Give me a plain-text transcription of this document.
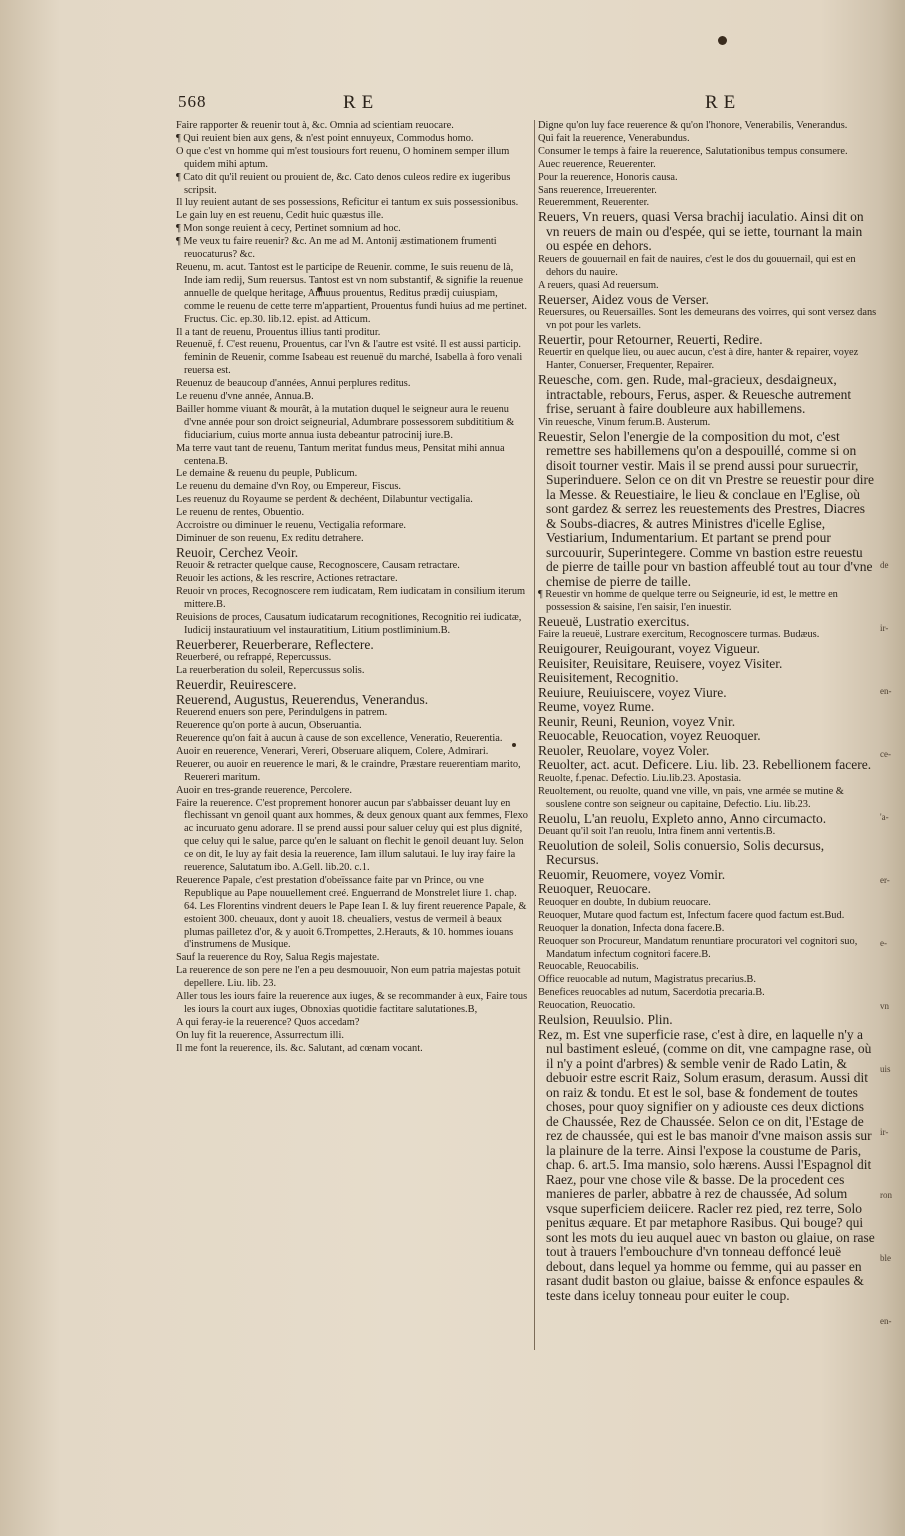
568	RE	RE

Faire rapporter & reuenir tout à, &c. Omnia ad scientiam reuocare.

¶ Qui reuient bien aux gens, & n'est point ennuyeux, Commodus homo.

O que c'est vn homme qui m'est tousiours fort reuenu, O hominem semper illum quidem mihi aptum.

¶ Cato dit qu'il reuient ou prouient de, &c. Cato denos culeos redire ex iugeribus scripsit.

Il luy reuient autant de ses possessions, Reficitur ei tantum ex suis possessionibus.

Le gain luy en est reuenu, Cedit huic quæstus ille.

¶ Mon songe reuient à cecy, Pertinet somnium ad hoc.

¶ Me veux tu faire reuenir? &c. An me ad M. Antonij æstimationem frumenti reuocaturus? &c.

Reuenu, m. acut. Tantost est le participe de Reuenir. comme, Ie suis reuenu de là, Inde iam redij, Sum reuersus. Tantost est vn nom substantif, & signifie la reuenue annuelle de quelque heritage, Annuus prouentus, Reditus prædij cuiuspiam, comme le reuenu de cette terre m'appartient, Prouentus fundi huius ad me pertinet. Fructus. Cic. ep.30. lib.12. epist. ad Atticum.

Il a tant de reuenu, Prouentus illius tanti proditur.

Reuenuë, f. C'est reuenu, Prouentus, car l'vn & l'autre est vsité. Il est aussi particip. feminin de Reuenir, comme Isabeau est reuenuë du marché, Isabella à foro venali reuersa est.

Reuenuz de beaucoup d'années, Annui perplures reditus.

Le reuenu d'vne année, Annua.B.

Bailler homme viuant & mourât, à la mutation duquel le seigneur aura le reuenu d'vne année pour son droict seigneurial, Adumbrare possessorem subdititium & fiduciarium, cuius morte annua iusta debeantur patrocinij iure.B.

Ma terre vaut tant de reuenu, Tantum meritat fundus meus, Pensitat mihi annua centena.B.

Le demaine & reuenu du peuple, Publicum.

Le reuenu du demaine d'vn Roy, ou Empereur, Fiscus.

Les reuenuz du Royaume se perdent & dechéent, Dilabuntur vectigalia.

Le reuenu de rentes, Obuentio.

Accroistre ou diminuer le reuenu, Vectigalia reformare.

Diminuer de son reuenu, Ex reditu detrahere.

Reuoir, Cerchez Veoir.

Reuoir & retracter quelque cause, Recognoscere, Causam retractare.

Reuoir les actions, & les rescrire, Actiones retractare.

Reuoir vn proces, Recognoscere rem iudicatam, Rem iudicatam in consilium iterum mittere.B.

Reuisions de proces, Causatum iudicatarum recognitiones, Recognitio rei iudicatæ, Iudicij instauratiuum vel instauratitium, Litium postliminium.B.

Reuerberer, Reuerberare, Reflectere.

Reuerberé, ou refrappé, Repercussus.

La reuerberation du soleil, Repercussus solis.

Reuerdir, Reuirescere.

Reuerend, Augustus, Reuerendus, Venerandus.

Reuerend enuers son pere, Perindulgens in patrem.

Reuerence qu'on porte à aucun, Obseruantia.

Reuerence qu'on fait à aucun à cause de son excellence, Veneratio, Reuerentia.

Auoir en reuerence, Venerari, Vereri, Obseruare aliquem, Colere, Admirari.

Reuerer, ou auoir en reuerence le mari, & le craindre, Præstare reuerentiam marito, Reuereri maritum.

Auoir en tres-grande reuerence, Percolere.

Faire la reuerence. C'est proprement honorer aucun par s'abbaisser deuant luy en flechissant vn genoil quant aux hommes, & deux genoux quant aux femmes, Flexo ac incuruato genu adorare. Il se prend aussi pour saluer celuy qui est plus dignité, que celuy qui le salue, parce qu'en le saluant on flechit le genoil deuant luy. Selon ce on dit, Ie luy ay fait desia la reuerence, Iam illum salutaui. Ie luy iray faire la reuerence, Salutatum ibo. A.Gell. lib.20. c.1.

Reuerence Papale, c'est prestation d'obeïssance faite par vn Prince, ou vne Republique au Pape nouuellement creé. Enguerrand de Monstrelet liure 1. chap. 64. Les Florentins vindrent deuers le Pape Iean I. & luy firent reuerence Papale, & estoient 300. cheuaux, dont y auoit 18. cheualiers, vestus de vermeil à beaux plumas pailletez d'or, & y auoit 6.Trompettes, 2.Herauts, & 10. hommes iouans d'instrumens de Musique.

Sauf la reuerence du Roy, Salua Regis majestate.

La reuerence de son pere ne l'en a peu desmouuoir, Non eum patria majestas potuit depellere. Liu. lib. 23.

Aller tous les iours faire la reuerence aux iuges, & se recommander à eux, Faire tous les iours la court aux iuges, Obnoxias quotidie factitare salutationes.B,

A qui feray-ie la reuerence? Quos accedam?

On luy fit la reuerence, Assurrectum illi.

Il me font la reuerence, ils. &c. Salutant, ad cœnam vocant.

Digne qu'on luy face reuerence & qu'on l'honore, Venerabilis, Venerandus.

Qui fait la reuerence, Venerabundus.

Consumer le temps à faire la reuerence, Salutationibus tempus consumere.

Auec reuerence, Reuerenter.

Pour la reuerence, Honoris causa.

Sans reuerence, Irreuerenter.

Reueremment, Reuerenter.

Reuers, Vn reuers, quasi Versa brachij iaculatio. Ainsi dit on vn reuers de main ou d'espée, qui se iette, tournant la main ou espée en dehors.

Reuers de gouuernail en fait de nauires, c'est le dos du gouuernail, qui est en dehors du nauire.

A reuers, quasi Ad reuersum.

Reuerser, Aidez vous de Verser.

Reuersures, ou Reuersailles. Sont les demeurans des voirres, qui sont versez dans vn pot pour les varlets.

Reuertir, pour Retourner, Reuerti, Redire.

Reuertir en quelque lieu, ou auec aucun, c'est à dire, hanter & repairer, voyez Hanter, Conuerser, Frequenter, Repairer.

Reuesche, com. gen. Rude, mal-gracieux, desdaigneux, intractable, rebours, Ferus, asper. & Reuesche autrement frise, seruant à faire doubleure aux habillemens.

Vin reuesche, Vinum ferum.B. Austerum.

Reuestir, Selon l'energie de la composition du mot, c'est remettre ses habillemens qu'on a despouillé, comme si on disoit tourner vestir. Mais il se prend aussi pour surueстir, Superinduere. Selon ce on dit vn Prestre se reuestir pour dire la Messe. & Reuestiaire, le lieu & conclaue en l'Eglise, où sont gardez & serrez les reuestements des Prestres, Diacres & Soubs-diacres, & autres Ministres d'icelle Eglise, Vestiarium, Indumentarium. Et partant se prend pour surcouurir, Superintegere. Comme vn bastion estre reuestu de pierre de taille pour vn bastion affeublé tout au tour d'vne chemise de pierre de taille.

¶ Reuestir vn homme de quelque terre ou Seigneurie, id est, le mettre en possession & saisine, l'en saisir, l'en inuestir.

Reueuë, Lustratio exercitus.

Faire la reueuë, Lustrare exercitum, Recognoscere turmas. Budæus.

Reuigourer, Reuigourant, voyez Vigueur.

Reuisiter, Reuisitare, Reuisere, voyez Visiter.

Reuisitement, Recognitio.

Reuiure, Reuiuiscere, voyez Viure.

Reume, voyez Rume.

Reunir, Reuni, Reunion, voyez Vnir.

Reuocable, Reuocation, voyez Reuoquer.

Reuoler, Reuolare, voyez Voler.

Reuolter, act. acut. Deficere. Liu. lib. 23. Rebellionem facere.

Reuolte, f.penac. Defectio. Liu.lib.23. Apostasia.

Reuoltement, ou reuolte, quand vne ville, vn pais, vne armée se mutine & souslene contre son seigneur ou capitaine, Defectio. Liu. lib.23.

Reuolu, L'an reuolu, Expleto anno, Anno circumacto.

Deuant qu'il soit l'an reuolu, Intra finem anni vertentis.B.

Reuolution de soleil, Solis conuersio, Solis decursus, Recursus.

Reuomir, Reuomere, voyez Vomir.

Reuoquer, Reuocare.

Reuoquer en doubte, In dubium reuocare.

Reuoquer, Mutare quod factum est, Infectum facere quod factum est.Bud.

Reuoquer la donation, Infecta dona facere.B.

Reuoquer son Procureur, Mandatum renuntiare procuratori vel cognitori suo, Mandatum infectum cognitori facere.B.

Reuocable, Reuocabilis.

Office reuocable ad nutum, Magistratus precarius.B.

Benefices reuocables ad nutum, Sacerdotia precaria.B.

Reuocation, Reuocatio.

Reulsion, Reuulsio. Plin.

Rez, m. Est vne superficie rase, c'est à dire, en laquelle n'y a nul bastiment esleué, (comme on dit, vne campagne rase, où il n'y a point d'arbres) & semble venir de Rado Latin, & debuoir estre escrit Raiz, Solum erasum, derasum. Aussi dit on raiz & tondu. Et est le sol, base & fondement de toutes choses, pour quoy signifier on y adiouste ces deux dictions de Chaussée, Rez de Chaussée. Selon ce on dit, l'Estage de rez de chaussée, qui est le bas manoir d'vne maison assis sur la plainure de la terre. Ainsi l'expose la coustume de Paris, chap. 6. art.5. Ima mansio, solo hærens. Aussi l'Espagnol dit Raez, pour vne chose vile & basse. De la procedent ces manieres de parler, abbatre à rez de chaussée, Ad solum vsque superficiem deiicere. Racler rez pied, rez terre, Solo penitus æquare. Et par metaphore Rasibus. Qui bouge? qui sont les mots du ieu auquel auec vn baston ou glaiue, on rase tout à trauers l'embouchure d'vn tonneau deffoncé leuë debout, dans lequel ya homme ou femme, qui au passer en rasant dudit baston ou glaiue, baisse & enfonce espaules & teste dans iceluy tonneau pour euiter le coup.

de
ir-
en-
ce-
'a-
er-
e-
vn
uis
ir-
ron
ble
en-
